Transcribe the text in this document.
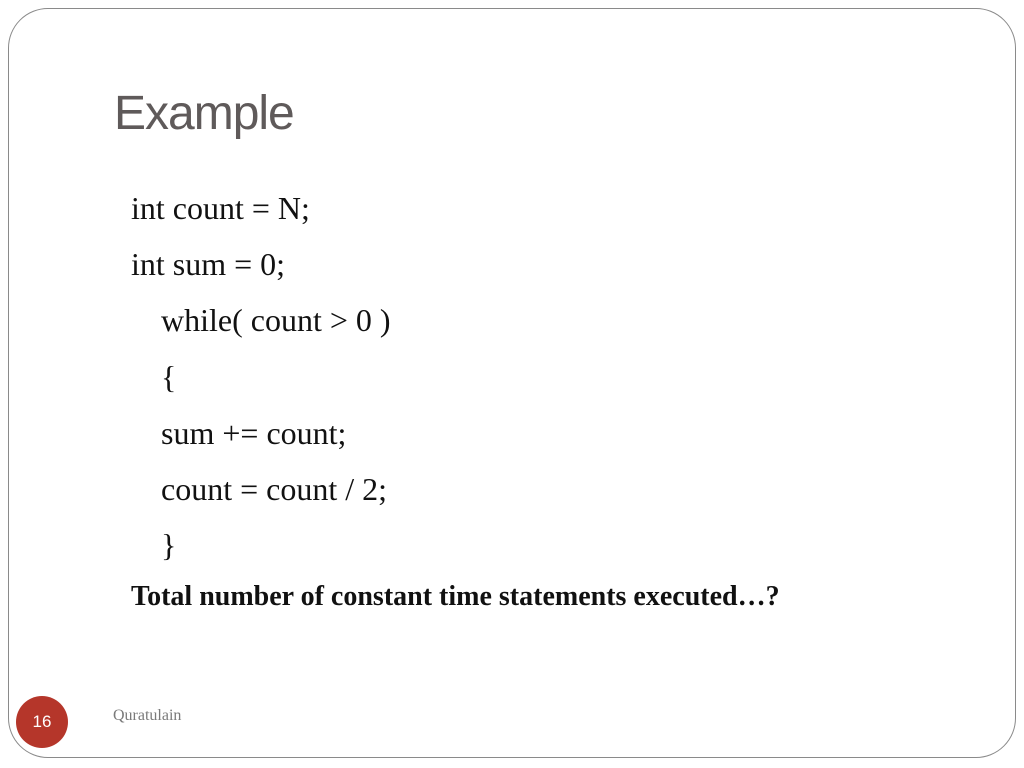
Example
int count = N;
int sum = 0;
while( count > 0 )
{
sum += count;
count = count / 2;
}
Total number of constant time statements executed…?
16	Quratulain
